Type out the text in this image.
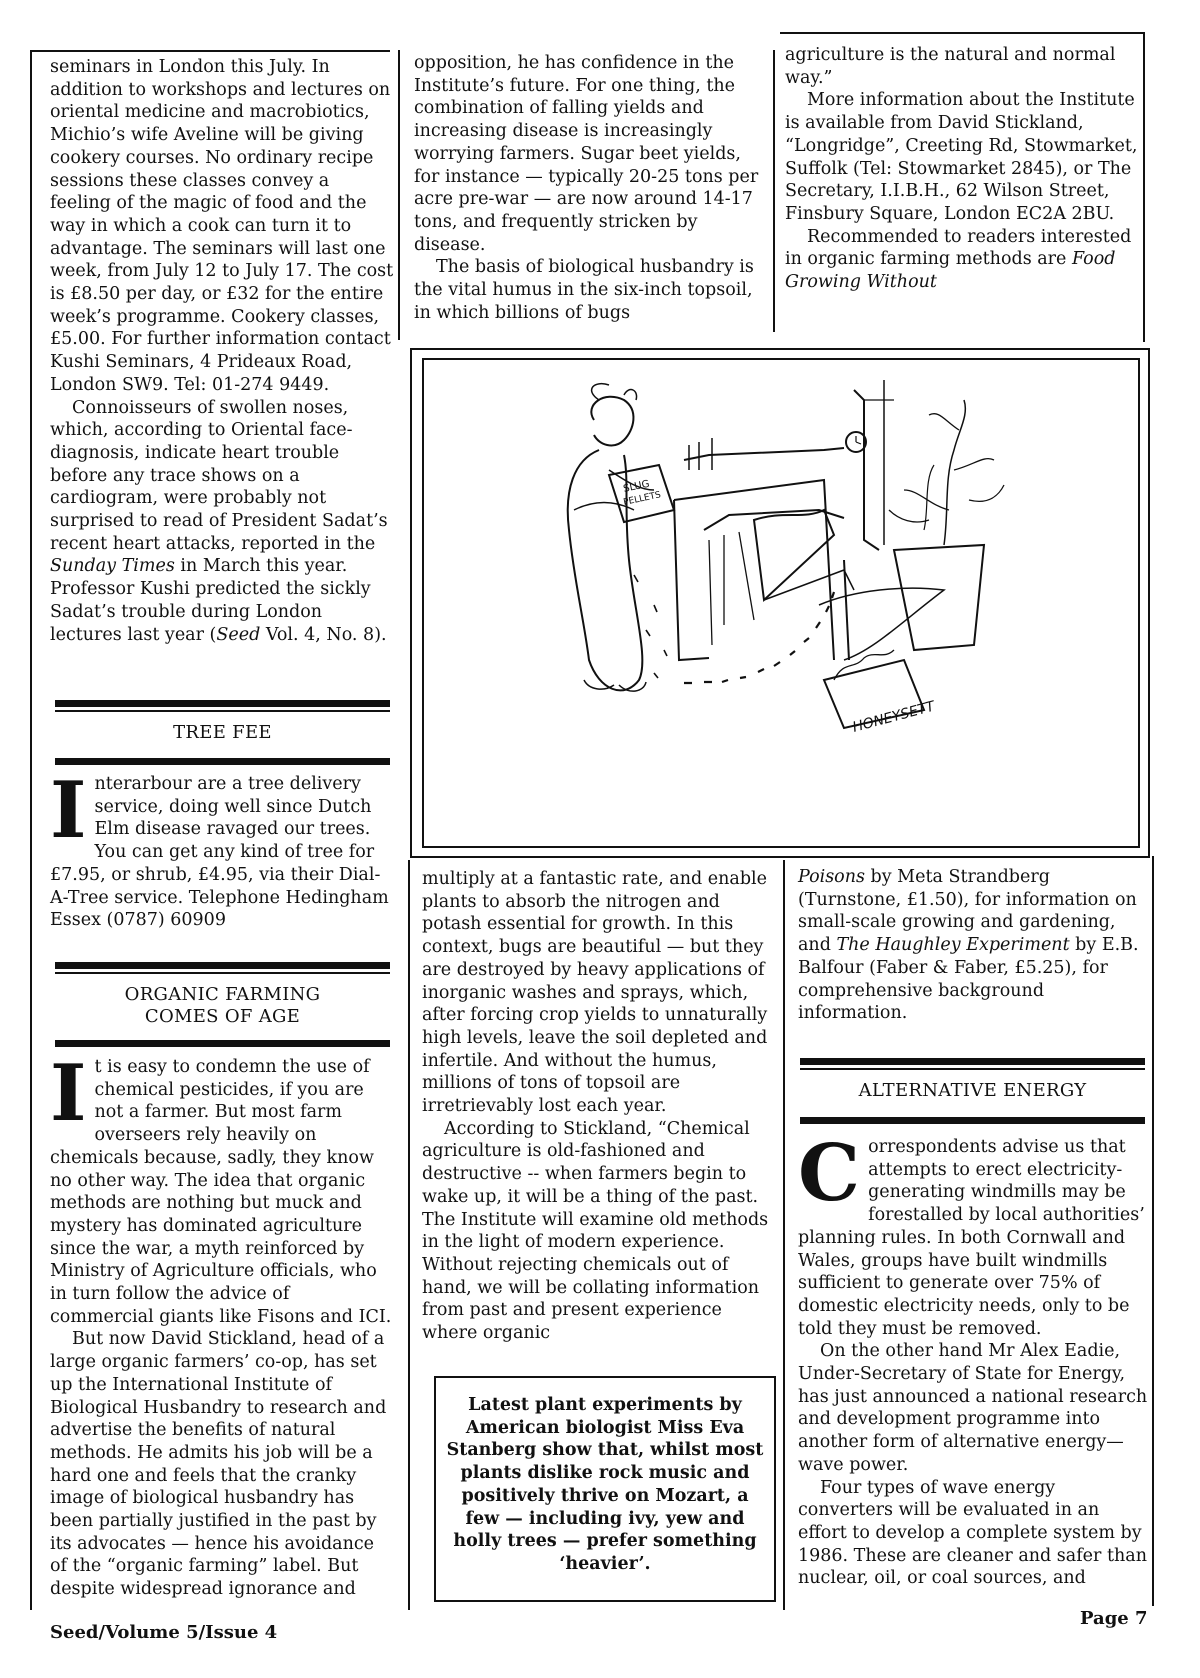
seminars in London this July. In addition to workshops and lectures on oriental medicine and macrobiotics, Michio’s wife Aveline will be giving cookery courses. No ordinary recipe sessions these classes convey a feeling of the magic of food and the way in which a cook can turn it to advantage. The seminars will last one week, from July 12 to July 17. The cost is £8.50 per day, or £32 for the entire week’s programme. Cookery classes, £5.00. For further information contact Kushi Seminars, 4 Prideaux Road, London SW9. Tel: 01-274 9449.

Connoisseurs of swollen noses, which, according to Oriental face-diagnosis, indicate heart trouble before any trace shows on a cardiogram, were probably not surprised to read of President Sadat’s recent heart attacks, reported in the Sunday Times in March this year. Professor Kushi predicted the sickly Sadat’s trouble during London lectures last year (Seed Vol. 4, No. 8).

TREE FEE
I nterarbour are a tree delivery service, doing well since Dutch Elm disease ravaged our trees. You can get any kind of tree for £7.95, or shrub, £4.95, via their Dial-A-Tree service. Telephone Hedingham Essex (0787) 60909
ORGANIC FARMING
COMES OF AGE

It is easy to condemn the use of chemical pesticides, if you are not a farmer. But most farm overseers rely heavily on chemicals because, sadly, they know no other way. The idea that organic methods are nothing but muck and mystery has dominated agriculture since the war, a myth reinforced by Ministry of Agriculture officials, who in turn follow the advice of commercial giants like Fisons and ICI.

But now David Stickland, head of a large organic farmers’ co-op, has set up the International Institute of Biological Husbandry to research and advertise the benefits of natural methods. He admits his job will be a hard one and feels that the cranky image of biological husbandry has been partially justified in the past by its advocates — hence his avoidance of the “organic farming” label. But despite widespread ignorance and

opposition, he has confidence in the Institute’s future. For one thing, the combination of falling yields and increasing disease is increasingly worrying farmers. Sugar beet yields, for instance — typically 20-25 tons per acre pre-war — are now around 14-17 tons, and frequently stricken by disease.

The basis of biological husbandry is the vital humus in the six-inch topsoil, in which billions of bugs

agriculture is the natural and normal way.”

More information about the Institute is available from David Stickland, “Longridge”, Creeting Rd, Stowmarket, Suffolk (Tel: Stowmarket 2845), or The Secretary, I.I.B.H., 62 Wilson Street, Finsbury Square, London EC2A 2BU.

Recommended to readers interested in organic farming methods are Food Growing Without

SLUG
PELLETS
HONEYSETT

multiply at a fantastic rate, and enable plants to absorb the nitrogen and potash essential for growth. In this context, bugs are beautiful — but they are destroyed by heavy applications of inorganic washes and sprays, which, after forcing crop yields to unnaturally high levels, leave the soil depleted and infertile. And without the humus, millions of tons of topsoil are irretrievably lost each year.

According to Stickland, “Chemical agriculture is old-fashioned and destructive -- when farmers begin to wake up, it will be a thing of the past. The Institute will examine old methods in the light of modern experience. Without rejecting chemicals out of hand, we will be collating information from past and present experience where organic

Latest plant experiments by American biologist Miss Eva Stanberg show that, whilst most plants dislike rock music and positively thrive on Mozart, a few — including ivy, yew and holly trees — prefer something ‘heavier’.

Poisons by Meta Strandberg (Turnstone, £1.50), for information on small-scale growing and gardening, and The Haughley Experiment by E.B. Balfour (Faber & Faber, £5.25), for comprehensive background information.

ALTERNATIVE ENERGY

Correspondents advise us that attempts to erect electricity-generating windmills may be forestalled by local authorities’ planning rules. In both Cornwall and Wales, groups have built windmills sufficient to generate over 75% of domestic electricity needs, only to be told they must be removed.

On the other hand Mr Alex Eadie, Under-Secretary of State for Energy, has just announced a national research and development programme into another form of alternative energy—wave power.

Four types of wave energy converters will be evaluated in an effort to develop a complete system by 1986. These are cleaner and safer than nuclear, oil, or coal sources, and

Seed/Volume 5/Issue 4
Page 7
